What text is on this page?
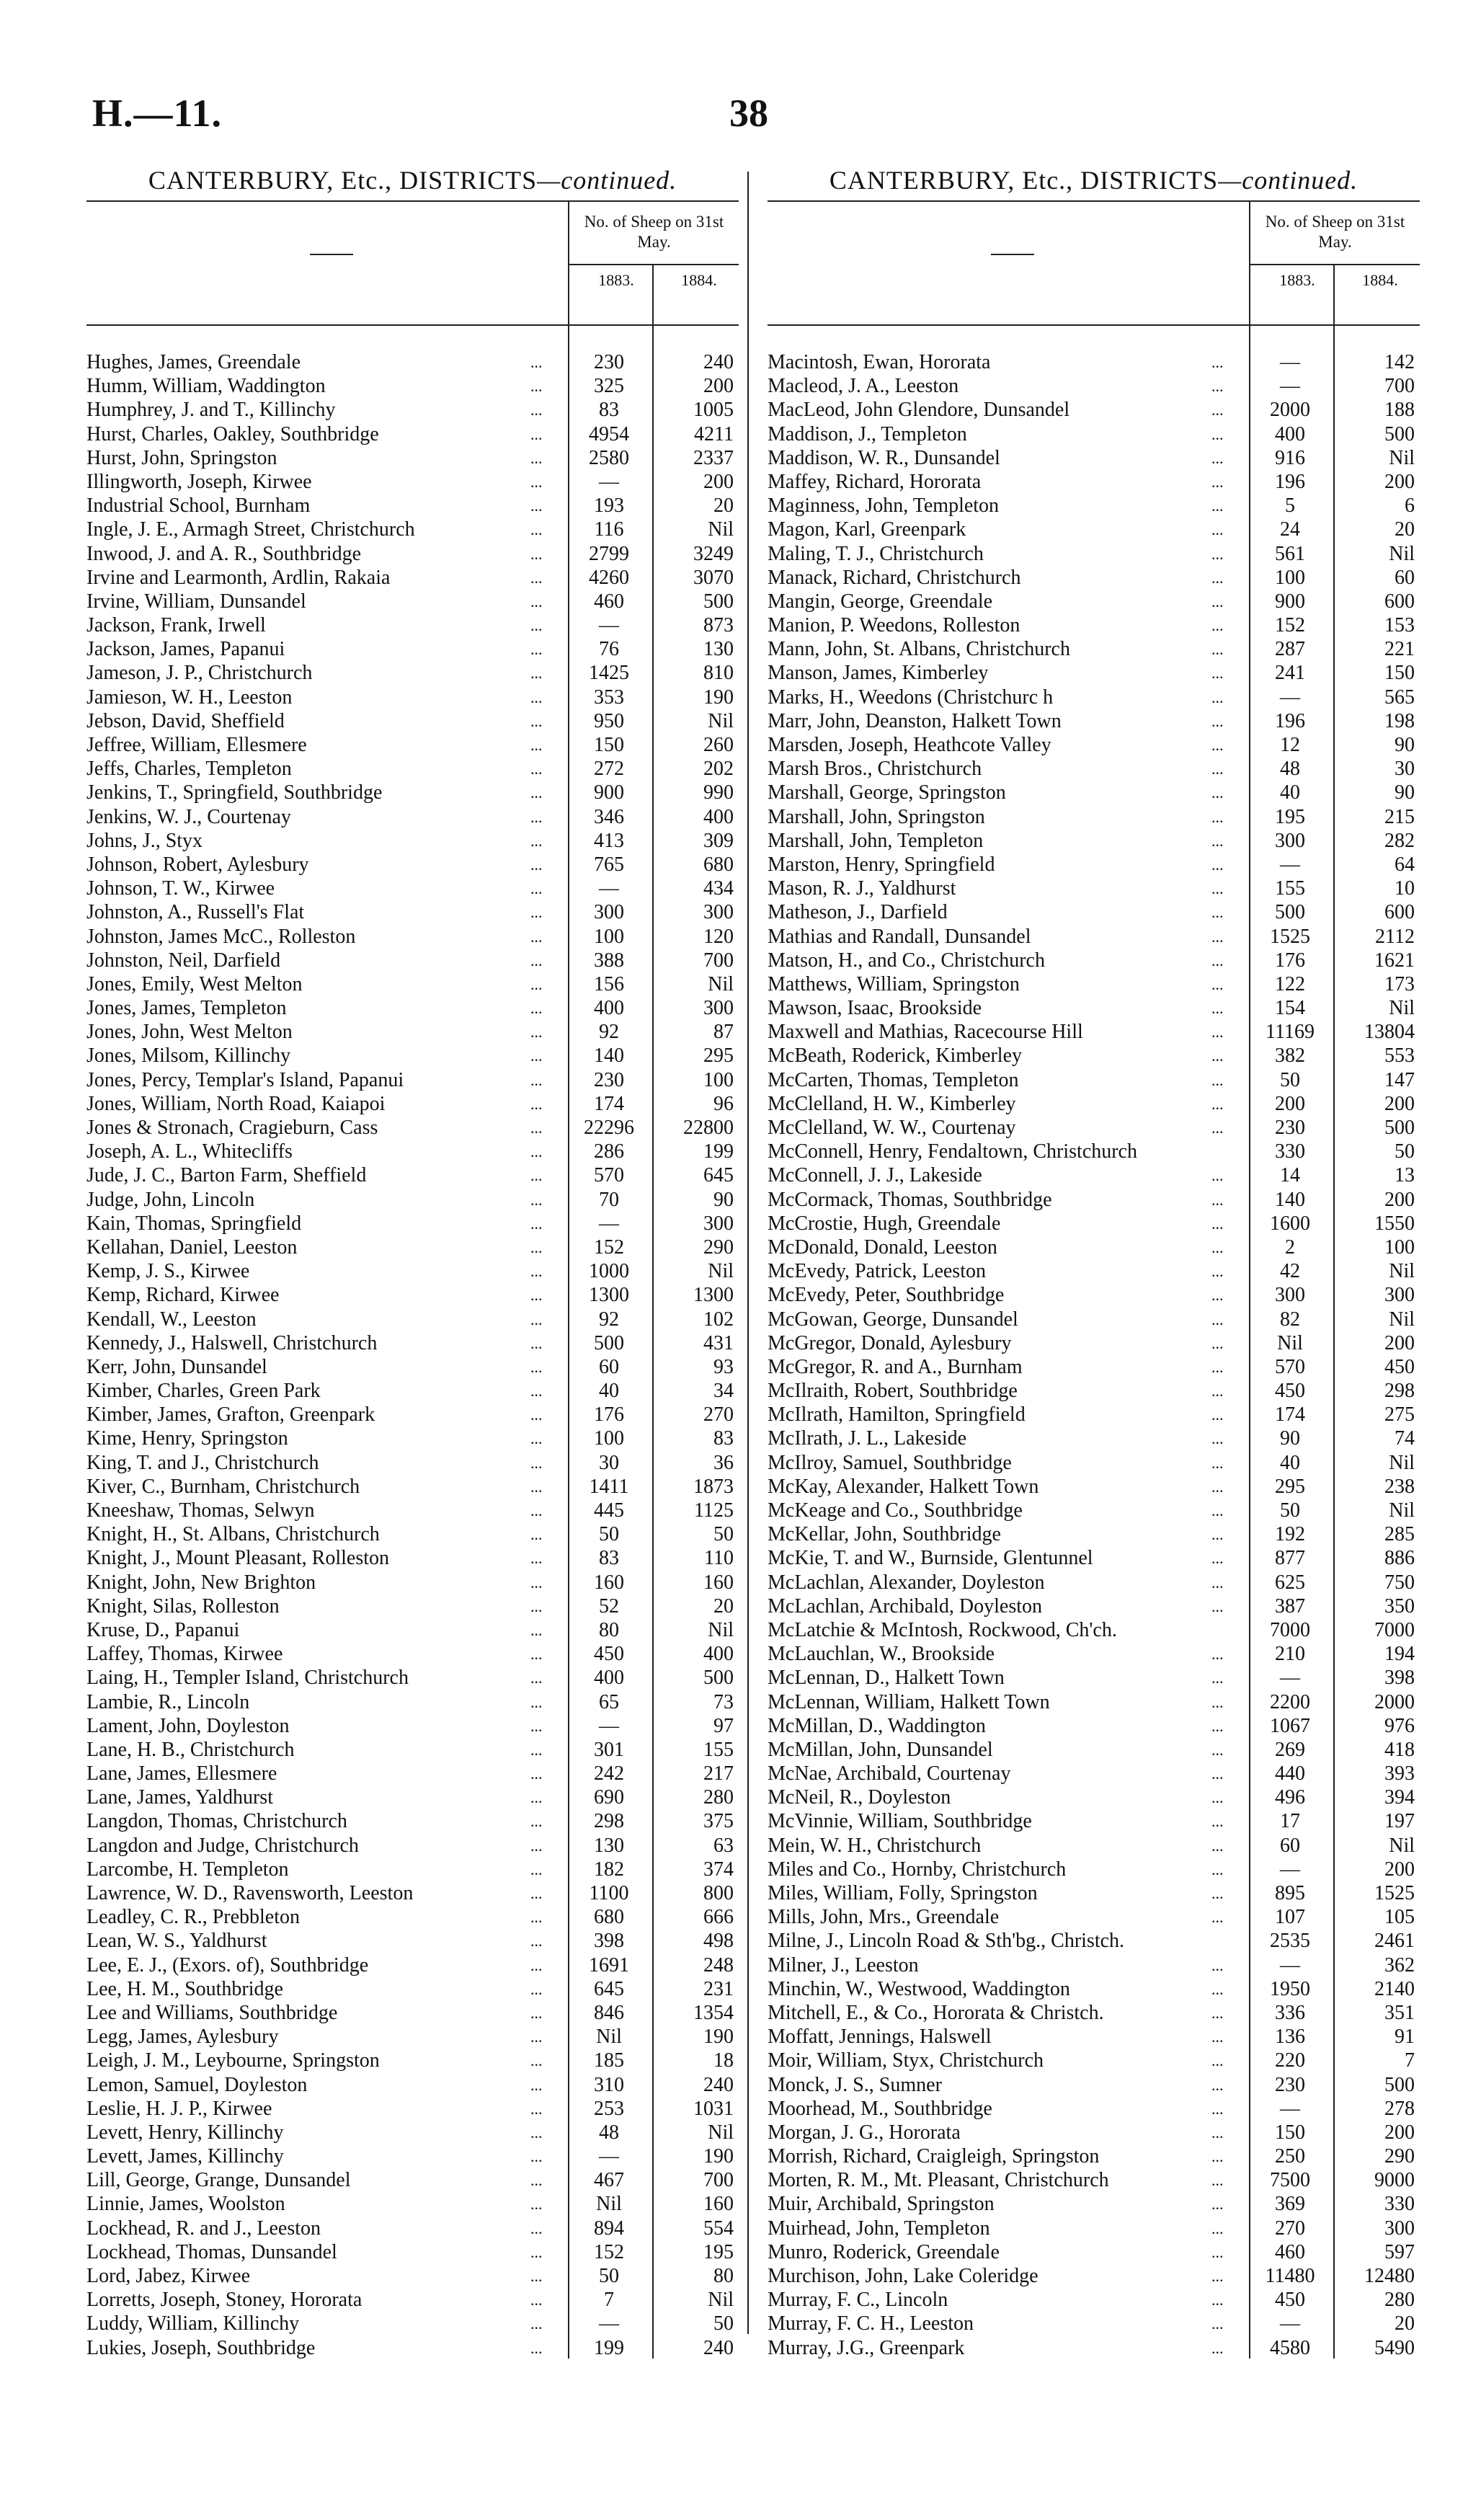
H.—11.	38
CANTERBURY, Etc., DISTRICTS—continued.
No. of Sheep on 31st May.
1883.	1884.
Hughes, James, Greendale	...	230	240
Humm, William, Waddington	...	325	200
Humphrey, J. and T., Killinchy	...	83	1005
Hurst, Charles, Oakley, Southbridge	...	4954	4211
Hurst, John, Springston	...	2580	2337
Illingworth, Joseph, Kirwee	...	—	200
Industrial School, Burnham	...	193	20
Ingle, J. E., Armagh Street, Christchurch	...	116	Nil
Inwood, J. and A. R., Southbridge	...	2799	3249
Irvine and Learmonth, Ardlin, Rakaia	...	4260	3070
Irvine, William, Dunsandel	...	460	500
Jackson, Frank, Irwell	...	—	873
Jackson, James, Papanui	...	76	130
Jameson, J. P., Christchurch	...	1425	810
Jamieson, W. H., Leeston	...	353	190
Jebson, David, Sheffield	...	950	Nil
Jeffree, William, Ellesmere	...	150	260
Jeffs, Charles, Templeton	...	272	202
Jenkins, T., Springfield, Southbridge	...	900	990
Jenkins, W. J., Courtenay	...	346	400
Johns, J., Styx	...	413	309
Johnson, Robert, Aylesbury	...	765	680
Johnson, T. W., Kirwee	...	—	434
Johnston, A., Russell's Flat	...	300	300
Johnston, James McC., Rolleston	...	100	120
Johnston, Neil, Darfield	...	388	700
Jones, Emily, West Melton	...	156	Nil
Jones, James, Templeton	...	400	300
Jones, John, West Melton	...	92	87
Jones, Milsom, Killinchy	...	140	295
Jones, Percy, Templar's Island, Papanui	...	230	100
Jones, William, North Road, Kaiapoi	...	174	96
Jones & Stronach, Cragieburn, Cass	...	22296	22800
Joseph, A. L., Whitecliffs	...	286	199
Jude, J. C., Barton Farm, Sheffield	...	570	645
Judge, John, Lincoln	...	70	90
Kain, Thomas, Springfield	...	—	300
Kellahan, Daniel, Leeston	...	152	290
Kemp, J. S., Kirwee	...	1000	Nil
Kemp, Richard, Kirwee	...	1300	1300
Kendall, W., Leeston	...	92	102
Kennedy, J., Halswell, Christchurch	...	500	431
Kerr, John, Dunsandel	...	60	93
Kimber, Charles, Green Park	...	40	34
Kimber, James, Grafton, Greenpark	...	176	270
Kime, Henry, Springston	...	100	83
King, T. and J., Christchurch	...	30	36
Kiver, C., Burnham, Christchurch	...	1411	1873
Kneeshaw, Thomas, Selwyn	...	445	1125
Knight, H., St. Albans, Christchurch	...	50	50
Knight, J., Mount Pleasant, Rolleston	...	83	110
Knight, John, New Brighton	...	160	160
Knight, Silas, Rolleston	...	52	20
Kruse, D., Papanui	...	80	Nil
Laffey, Thomas, Kirwee	...	450	400
Laing, H., Templer Island, Christchurch	...	400	500
Lambie, R., Lincoln	...	65	73
Lament, John, Doyleston	...	—	97
Lane, H. B., Christchurch	...	301	155
Lane, James, Ellesmere	...	242	217
Lane, James, Yaldhurst	...	690	280
Langdon, Thomas, Christchurch	...	298	375
Langdon and Judge, Christchurch	...	130	63
Larcombe, H. Templeton	...	182	374
Lawrence, W. D., Ravensworth, Leeston	...	1100	800
Leadley, C. R., Prebbleton	...	680	666
Lean, W. S., Yaldhurst	...	398	498
Lee, E. J., (Exors. of), Southbridge	...	1691	248
Lee, H. M., Southbridge	...	645	231
Lee and Williams, Southbridge	...	846	1354
Legg, James, Aylesbury	...	Nil	190
Leigh, J. M., Leybourne, Springston	...	185	18
Lemon, Samuel, Doyleston	...	310	240
Leslie, H. J. P., Kirwee	...	253	1031
Levett, Henry, Killinchy	...	48	Nil
Levett, James, Killinchy	...	—	190
Lill, George, Grange, Dunsandel	...	467	700
Linnie, James, Woolston	...	Nil	160
Lockhead, R. and J., Leeston	...	894	554
Lockhead, Thomas, Dunsandel	...	152	195
Lord, Jabez, Kirwee	...	50	80
Lorretts, Joseph, Stoney, Hororata	...	7	Nil
Luddy, William, Killinchy	...	—	50
Lukies, Joseph, Southbridge	...	199	240
CANTERBURY, Etc., DISTRICTS—continued.
No. of Sheep on 31st May.
1883.	1884.
Macintosh, Ewan, Hororata	...	—	142
Macleod, J. A., Leeston	...	—	700
MacLeod, John Glendore, Dunsandel	...	2000	188
Maddison, J., Templeton	...	400	500
Maddison, W. R., Dunsandel	...	916	Nil
Maffey, Richard, Hororata	...	196	200
Maginness, John, Templeton	...	5	6
Magon, Karl, Greenpark	...	24	20
Maling, T. J., Christchurch	...	561	Nil
Manack, Richard, Christchurch	...	100	60
Mangin, George, Greendale	...	900	600
Manion, P. Weedons, Rolleston	...	152	153
Mann, John, St. Albans, Christchurch	...	287	221
Manson, James, Kimberley	...	241	150
Marks, H., Weedons (Christchurc h	...	—	565
Marr, John, Deanston, Halkett Town	...	196	198
Marsden, Joseph, Heathcote Valley	...	12	90
Marsh Bros., Christchurch	...	48	30
Marshall, George, Springston	...	40	90
Marshall, John, Springston	...	195	215
Marshall, John, Templeton	...	300	282
Marston, Henry, Springfield	...	—	64
Mason, R. J., Yaldhurst	...	155	10
Matheson, J., Darfield	...	500	600
Mathias and Randall, Dunsandel	...	1525	2112
Matson, H., and Co., Christchurch	...	176	1621
Matthews, William, Springston	...	122	173
Mawson, Isaac, Brookside	...	154	Nil
Maxwell and Mathias, Racecourse Hill	...	11169	13804
McBeath, Roderick, Kimberley	...	382	553
McCarten, Thomas, Templeton	...	50	147
McClelland, H. W., Kimberley	...	200	200
McClelland, W. W., Courtenay	...	230	500
McConnell, Henry, Fendaltown, Christchurch	330	50
McConnell, J. J., Lakeside	...	14	13
McCormack, Thomas, Southbridge	...	140	200
McCrostie, Hugh, Greendale	...	1600	1550
McDonald, Donald, Leeston	...	2	100
McEvedy, Patrick, Leeston	...	42	Nil
McEvedy, Peter, Southbridge	...	300	300
McGowan, George, Dunsandel	...	82	Nil
McGregor, Donald, Aylesbury	...	Nil	200
McGregor, R. and A., Burnham	...	570	450
McIlraith, Robert, Southbridge	...	450	298
McIlrath, Hamilton, Springfield	...	174	275
McIlrath, J. L., Lakeside	...	90	74
McIlroy, Samuel, Southbridge	...	40	Nil
McKay, Alexander, Halkett Town	...	295	238
McKeage and Co., Southbridge	...	50	Nil
McKellar, John, Southbridge	...	192	285
McKie, T. and W., Burnside, Glentunnel	...	877	886
McLachlan, Alexander, Doyleston	...	625	750
McLachlan, Archibald, Doyleston	...	387	350
McLatchie & McIntosh, Rockwood, Ch'ch.	7000	7000
McLauchlan, W., Brookside	...	210	194
McLennan, D., Halkett Town	...	—	398
McLennan, William, Halkett Town	...	2200	2000
McMillan, D., Waddington	...	1067	976
McMillan, John, Dunsandel	...	269	418
McNae, Archibald, Courtenay	...	440	393
McNeil, R., Doyleston	...	496	394
McVinnie, William, Southbridge	...	17	197
Mein, W. H., Christchurch	...	60	Nil
Miles and Co., Hornby, Christchurch	...	—	200
Miles, William, Folly, Springston	...	895	1525
Mills, John, Mrs., Greendale	...	107	105
Milne, J., Lincoln Road & Sth'bg., Christch.	2535	2461
Milner, J., Leeston	...	—	362
Minchin, W., Westwood, Waddington	...	1950	2140
Mitchell, E., & Co., Hororata & Christch.	...	336	351
Moffatt, Jennings, Halswell	...	136	91
Moir, William, Styx, Christchurch	...	220	7
Monck, J. S., Sumner	...	230	500
Moorhead, M., Southbridge	...	—	278
Morgan, J. G., Hororata	...	150	200
Morrish, Richard, Craigleigh, Springston	...	250	290
Morten, R. M., Mt. Pleasant, Christchurch	...	7500	9000
Muir, Archibald, Springston	...	369	330
Muirhead, John, Templeton	...	270	300
Munro, Roderick, Greendale	...	460	597
Murchison, John, Lake Coleridge	...	11480	12480
Murray, F. C., Lincoln	...	450	280
Murray, F. C. H., Leeston	...	—	20
Murray, J.G., Greenpark	...	4580	5490
